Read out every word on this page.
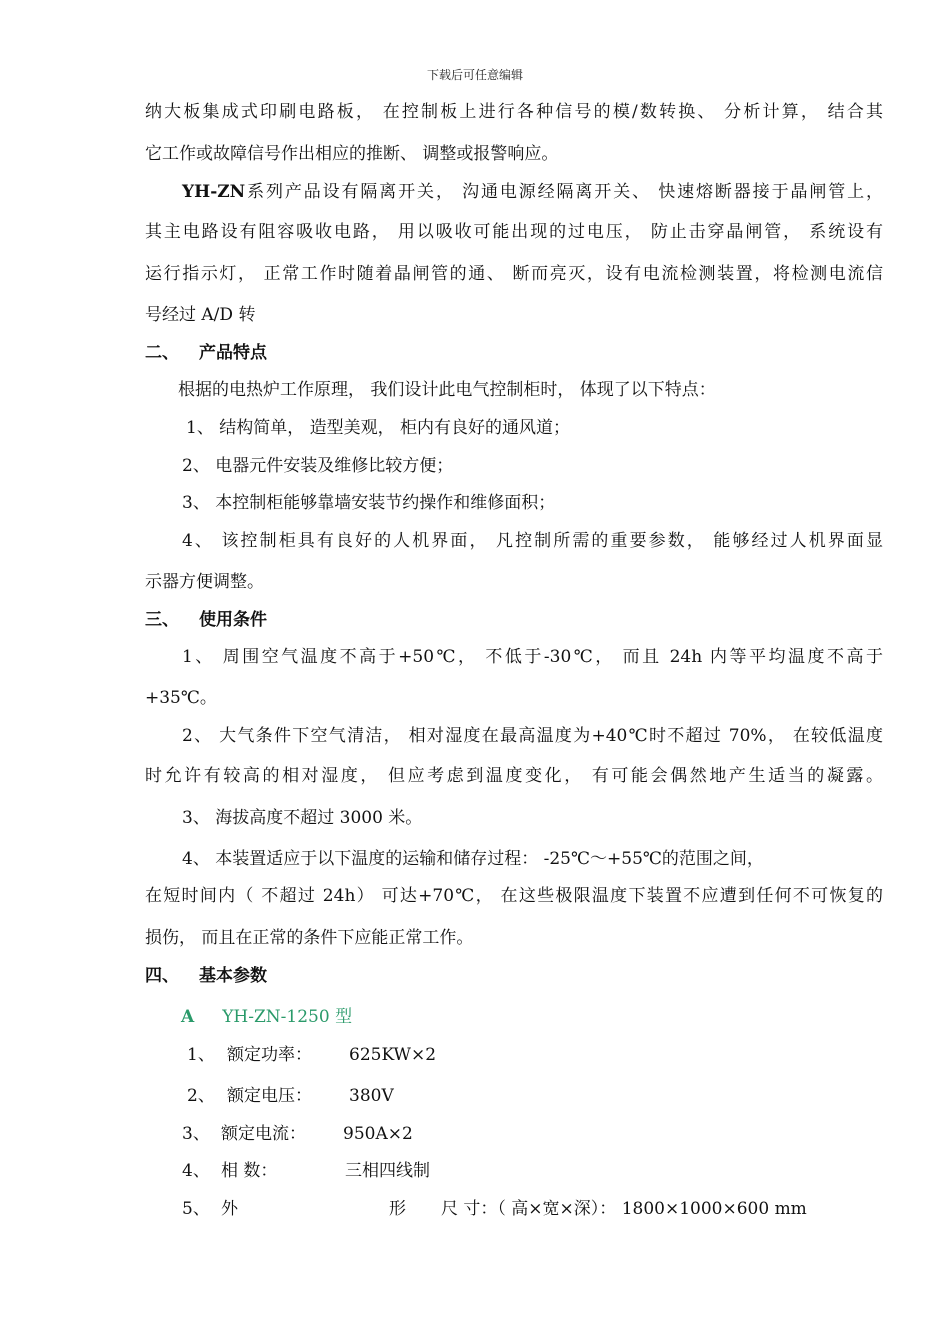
下载后可任意编辑
纳大板集成式印刷电路板， 在控制板上进行各种信号的模/数转换、 分析计算， 结合其
它工作或故障信号作出相应的推断、 调整或报警响应。
YH-ZN系列产品设有隔离开关， 沟通电源经隔离开关、 快速熔断器接于晶闸管上，
其主电路设有阻容吸收电路， 用以吸收可能出现的过电压， 防止击穿晶闸管， 系统设有
运行指示灯， 正常工作时随着晶闸管的通、 断而亮灭，设有电流检测装置，将检测电流信
号经过 A/D 转
二、 产品特点
根据的电热炉工作原理， 我们设计此电气控制柜时， 体现了以下特点：
1、 结构简单， 造型美观， 柜内有良好的通风道；
2、 电器元件安装及维修比较方便；
3、 本控制柜能够靠墙安装节约操作和维修面积；
4、 该控制柜具有良好的人机界面， 凡控制所需的重要参数， 能够经过人机界面显
示器方便调整。
三、 使用条件
1、 周围空气温度不高于+50℃， 不低于-30℃， 而且 24h 内等平均温度不高于
+35℃。
2、 大气条件下空气清洁， 相对湿度在最高温度为+40℃时不超过 70%， 在较低温度
时允许有较高的相对湿度， 但应考虑到温度变化， 有可能会偶然地产生适当的凝露。
3、 海拔高度不超过 3000 米。
4、 本装置适应于以下温度的运输和储存过程： -25℃～+55℃的范围之间，
在短时间内（ 不超过 24h） 可达+70℃， 在这些极限温度下装置不应遭到任何不可恢复的
损伤， 而且在正常的条件下应能正常工作。
四、 基本参数
A YH-ZN-1250 型
1、 额定功率： 625KW×2
2、 额定电压： 380V
3、 额定电流： 950A×2
4、 相 数：	三相四线制
5、 外	形 尺 寸：（ 高×宽×深）： 1800×1000×600 mm
